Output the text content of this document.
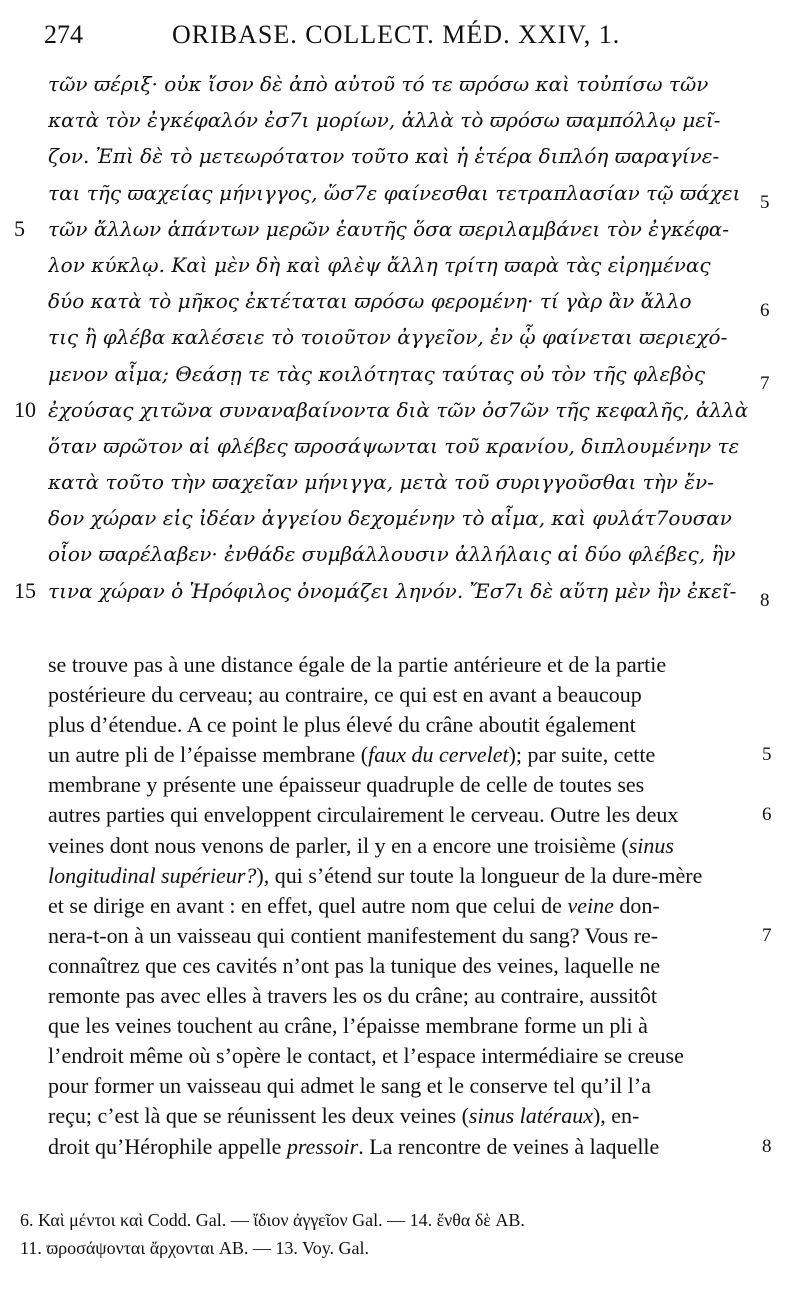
274	ORIBASE. COLLECT. MÉD. XXIV, 1.
τῶν ϖέριξ· οὐκ ἴσον δὲ ἀπὸ αὐτοῦ τό τε ϖρόσω καὶ τοὐπίσω τῶν
κατὰ τὸν ἐγκέφαλόν ἐσ7ι μορίων, ἀλλὰ τὸ ϖρόσω ϖαμπόλλῳ μεῖ-
ζον. Ἐπὶ δὲ τὸ μετεωρότατον τοῦτο καὶ ἡ ἑτέρα διπλόη ϖαραγίνε-
ται τῆς ϖαχείας μήνιγγος, ὥσ7ε φαίνεσθαι τετραπλασίαν τῷ ϖάχει	5
5	τῶν ἄλλων ἁπάντων μερῶν ἑαυτῆς ὅσα ϖεριλαμβάνει τὸν ἐγκέφα-
λον κύκλῳ. Καὶ μὲν δὴ καὶ φλὲψ ἄλλη τρίτη ϖαρὰ τὰς εἰρημένας
δύο κατὰ τὸ μῆκος ἐκτέταται ϖρόσω φερομένη· τί γὰρ ἂν ἄλλο	6
τις ἢ φλέβα καλέσειε τὸ τοιοῦτον ἀγγεῖον, ἐν ᾧ φαίνεται ϖεριεχό-
μενον αἷμα; Θεάσῃ τε τὰς κοιλότητας ταύτας οὐ τὸν τῆς φλεβὸς	7
10 ἐχούσας χιτῶνα συναναβαίνοντα διὰ τῶν ὀσ7ῶν τῆς κεφαλῆς, ἀλλὰ
ὅταν ϖρῶτον αἱ φλέβες ϖροσάψωνται τοῦ κρανίου, διπλουμένην τε
κατὰ τοῦτο τὴν ϖαχεῖαν μήνιγγα, μετὰ τοῦ συριγγοῦσθαι τὴν ἔν-
δον χώραν εἰς ἰδέαν ἀγγείου δεχομένην τὸ αἷμα, καὶ φυλάτ7ουσαν
οἷον ϖαρέλαβεν· ἐνθάδε συμβάλλουσιν ἀλλήλαις αἱ δύο φλέβες, ἣν
15 τινα χώραν ὁ Ἡρόφιλος ὀνομάζει ληνόν. Ἔσ7ι δὲ αὕτη μὲν ἣν ἐκεῖ-	8
se trouve pas à une distance égale de la partie antérieure et de la partie
postérieure du cerveau; au contraire, ce qui est en avant a beaucoup
plus d’étendue. A ce point le plus élevé du crâne aboutit également
un autre pli de l’épaisse membrane (faux du cervelet); par suite, cette	5
membrane y présente une épaisseur quadruple de celle de toutes ses
autres parties qui enveloppent circulairement le cerveau. Outre les deux	6
veines dont nous venons de parler, il y en a encore une troisième (sinus
longitudinal supérieur?), qui s’étend sur toute la longueur de la dure-mère
et se dirige en avant : en effet, quel autre nom que celui de veine don-
nera-t-on à un vaisseau qui contient manifestement du sang? Vous re-	7
connaîtrez que ces cavités n’ont pas la tunique des veines, laquelle ne
remonte pas avec elles à travers les os du crâne; au contraire, aussitôt
que les veines touchent au crâne, l’épaisse membrane forme un pli à
l’endroit même où s’opère le contact, et l’espace intermédiaire se creuse
pour former un vaisseau qui admet le sang et le conserve tel qu’il l’a
reçu; c’est là que se réunissent les deux veines (sinus latéraux), en-
droit qu’Hérophile appelle pressoir. La rencontre de veines à laquelle	8
6. Καὶ μέντοι καὶ Codd. Gal. — ἴδιον ἀγγεῖον Gal. — 14. ἔνθα δὲ AB.
11. ϖροσάψονται ἄρχονται AB. — 13. Voy. Gal.
